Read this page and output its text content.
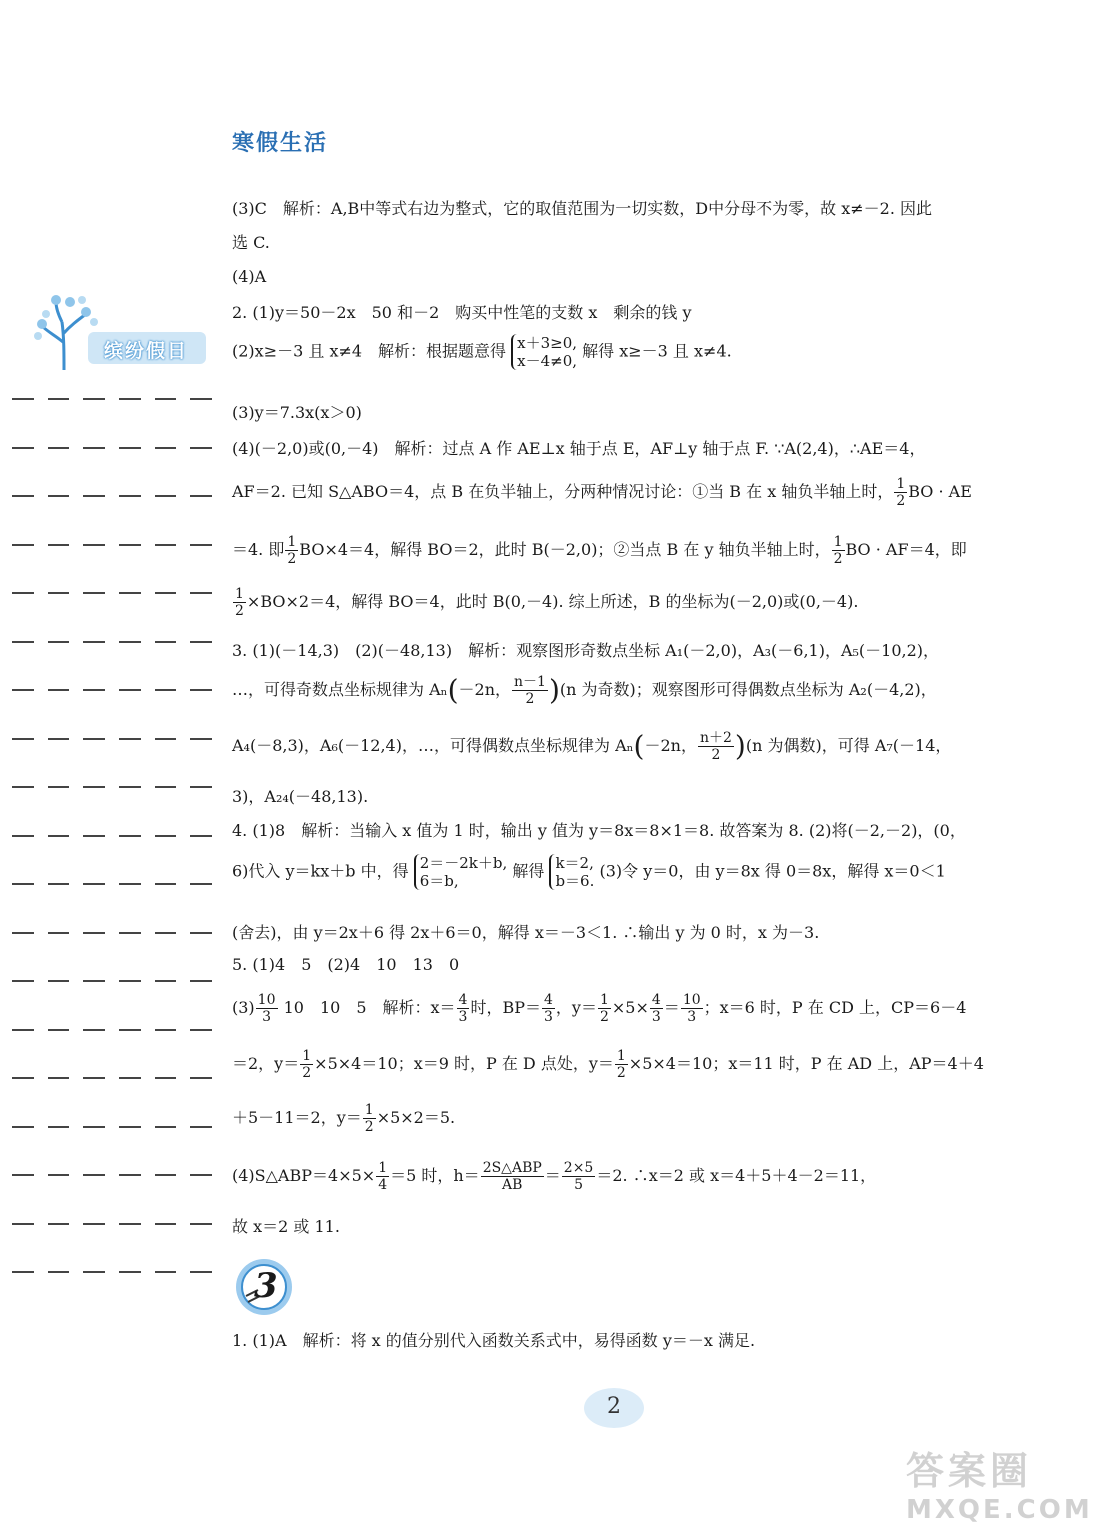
寒假生活
缤纷假日
(3)C　解析：A,B中等式右边为整式，它的取值范围为一切实数，D中分母不为零，故 x≠－2. 因此
选 C.
(4)A
2. (1)y＝50－2x　50 和－2　购买中性笔的支数 x　剩余的钱 y
(2)x≥－3 且 x≠4　解析：根据题意得 x＋3≥0,
x－4≠0, 解得 x≥－3 且 x≠4.
(3)y＝7.3x(x＞0)
(4)(－2,0)或(0,－4)　解析：过点 A 作 AE⊥x 轴于点 E，AF⊥y 轴于点 F. ∵A(2,4)，∴AE＝4，
AF＝2. 已知 S△ABO＝4，点 B 在负半轴上，分两种情况讨论：①当 B 在 x 轴负半轴上时， $\frac{1}{2}$ BO · AE
＝4. 即 $\frac{1}{2} BO\times 4=4$，解得 BO＝2，此时 B(－2,0)；②当点 B 在 y 轴负半轴上时， $\frac{1}{2}$ BO · AF＝4，即
$\frac{1}{2} \times BO\times 2=4$，解得 BO＝4，此时 B(0,－4). 综上所述，B 的坐标为(－2,0)或(0,－4).
3. (1)(－14,3)　(2)(－48,13)　解析：观察图形奇数点坐标 A₁(－2,0)，A₃(－6,1)，A₅(－10,2)，
…，可得奇数点坐标规律为 Aₙ(－2n， $\frac{n-1}{2} )(n$ 为奇数)；观察图形可得偶数点坐标为 A₂(－4,2)，
A₄(－8,3)，A₆(－12,4)，…，可得偶数点坐标规律为 Aₙ(－2n， $\frac{n+2}{2} )(n$ 为偶数)，可得 A₇(－14，
3)，A₂₄(－48,13).
4. (1)8　解析：当输入 x 值为 1 时，输出 y 值为 y＝8x＝8×1＝8. 故答案为 8. (2)将(－2,－2)，(0，
6)代入 y＝kx＋b 中，得 2＝－2k＋b,
6＝b, 解得 k＝2,
b＝6. (3)令 y＝0，由 y＝8x 得 0＝8x，解得 x＝0＜1
(舍去)，由 y＝2x＋6 得 2x＋6＝0，解得 x＝－3＜1. ∴输出 y 为 0 时，x 为－3.
5. (1)4　5　(2)4　10　13　0
$(3) \frac{10}{3} 10$　10　5　解析：$x= \frac{4}{3}$ 时，$BP= \frac{4}{3}$ ，$y= \frac{1}{2} \times 5\times \frac{4}{3} = \frac{10}{3}$ ；x＝6 时，P 在 CD 上，CP＝6－4
＝2，$y= \frac{1}{2} \times 5\times 4=10$；x＝9 时，P 在 D 点处，$y= \frac{1}{2} \times 5\times 4=10$；x＝11 时，P 在 AD 上，AP＝4＋4
＋5－11＝2，$y= \frac{1}{2} \times 5\times 2=5$.
(4)S△ABP＝4×5× $\frac{1}{4} =5$ 时，$h= \frac{\text{2S△ABP}}{AB} = \frac{2\times 5}{5} =2$. ∴x＝2 或 x＝4＋5＋4－2＝11，
故 x＝2 或 11.
1. (1)A　解析：将 x 的值分别代入函数关系式中，易得函数 y＝－x 满足.
3
2
答案圈
MXQE.COM
